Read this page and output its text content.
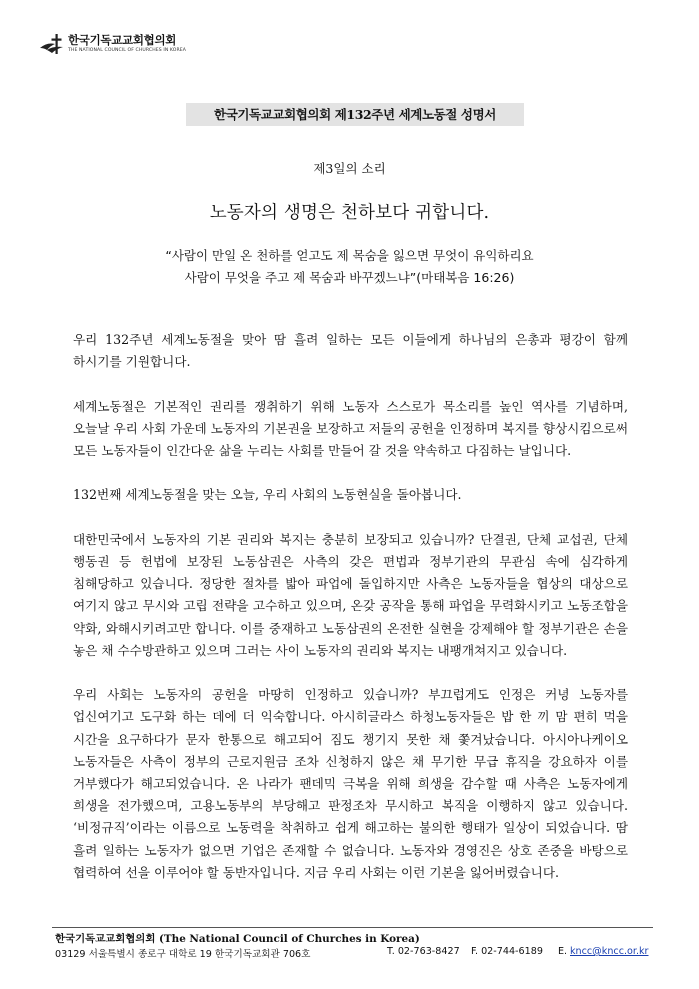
한국기독교교회협의회
THE NATIONAL COUNCIL OF CHURCHES IN KOREA
한국기독교교회협의회 제132주년 세계노동절 성명서
제3일의 소리
노동자의 생명은 천하보다 귀합니다.
“사람이 만일 온 천하를 얻고도 제 목숨을 잃으면 무엇이 유익하리요
사람이 무엇을 주고 제 목숨과 바꾸겠느냐”(마태복음 16:26)

우리 132주년 세계노동절을 맞아 땀 흘려 일하는 모든 이들에게 하나님의 은총과 평강이 함께 하시기를 기원합니다.

세계노동절은 기본적인 권리를 쟁취하기 위해 노동자 스스로가 목소리를 높인 역사를 기념하며, 오늘날 우리 사회 가운데 노동자의 기본권을 보장하고 저들의 공헌을 인정하며 복지를 향상시킴으로써 모든 노동자들이 인간다운 삶을 누리는 사회를 만들어 갈 것을 약속하고 다짐하는 날입니다.

132번째 세계노동절을 맞는 오늘, 우리 사회의 노동현실을 돌아봅니다.

대한민국에서 노동자의 기본 권리와 복지는 충분히 보장되고 있습니까? 단결권, 단체 교섭권, 단체 행동권 등 헌법에 보장된 노동삼권은 사측의 갖은 편법과 정부기관의 무관심 속에 심각하게 침해당하고 있습니다. 정당한 절차를 밟아 파업에 돌입하지만 사측은 노동자들을 협상의 대상으로 여기지 않고 무시와 고립 전략을 고수하고 있으며, 온갖 공작을 통해 파업을 무력화시키고 노동조합을 약화, 와해시키려고만 합니다. 이를 중재하고 노동삼권의 온전한 실현을 강제해야 할 정부기관은 손을 놓은 채 수수방관하고 있으며 그러는 사이 노동자의 권리와 복지는 내팽개쳐지고 있습니다.

우리 사회는 노동자의 공헌을 마땅히 인정하고 있습니까? 부끄럽게도 인정은 커녕 노동자를 업신여기고 도구화 하는 데에 더 익숙합니다. 아시히글라스 하청노동자들은 밥 한 끼 맘 편히 먹을 시간을 요구하다가 문자 한통으로 해고되어 짐도 챙기지 못한 채 쫓겨났습니다. 아시아나케이오 노동자들은 사측이 정부의 근로지원금 조차 신청하지 않은 채 무기한 무급 휴직을 강요하자 이를 거부했다가 해고되었습니다. 온 나라가 팬데믹 극복을 위해 희생을 감수할 때 사측은 노동자에게 희생을 전가했으며, 고용노동부의 부당해고 판정조차 무시하고 복직을 이행하지 않고 있습니다. ‘비정규직’이라는 이름으로 노동력을 착취하고 쉽게 해고하는 불의한 행태가 일상이 되었습니다. 땀 흘려 일하는 노동자가 없으면 기업은 존재할 수 없습니다. 노동자와 경영진은 상호 존중을 바탕으로 협력하여 선을 이루어야 할 동반자입니다. 지금 우리 사회는 이런 기본을 잃어버렸습니다.

한국기독교교회협의회 (The National Council of Churches in Korea)
03129 서울특별시 종로구 대학로 19 한국기독교회관 706호	T. 02-763-8427 F. 02-744-6189 E. kncc@kncc.or.kr
